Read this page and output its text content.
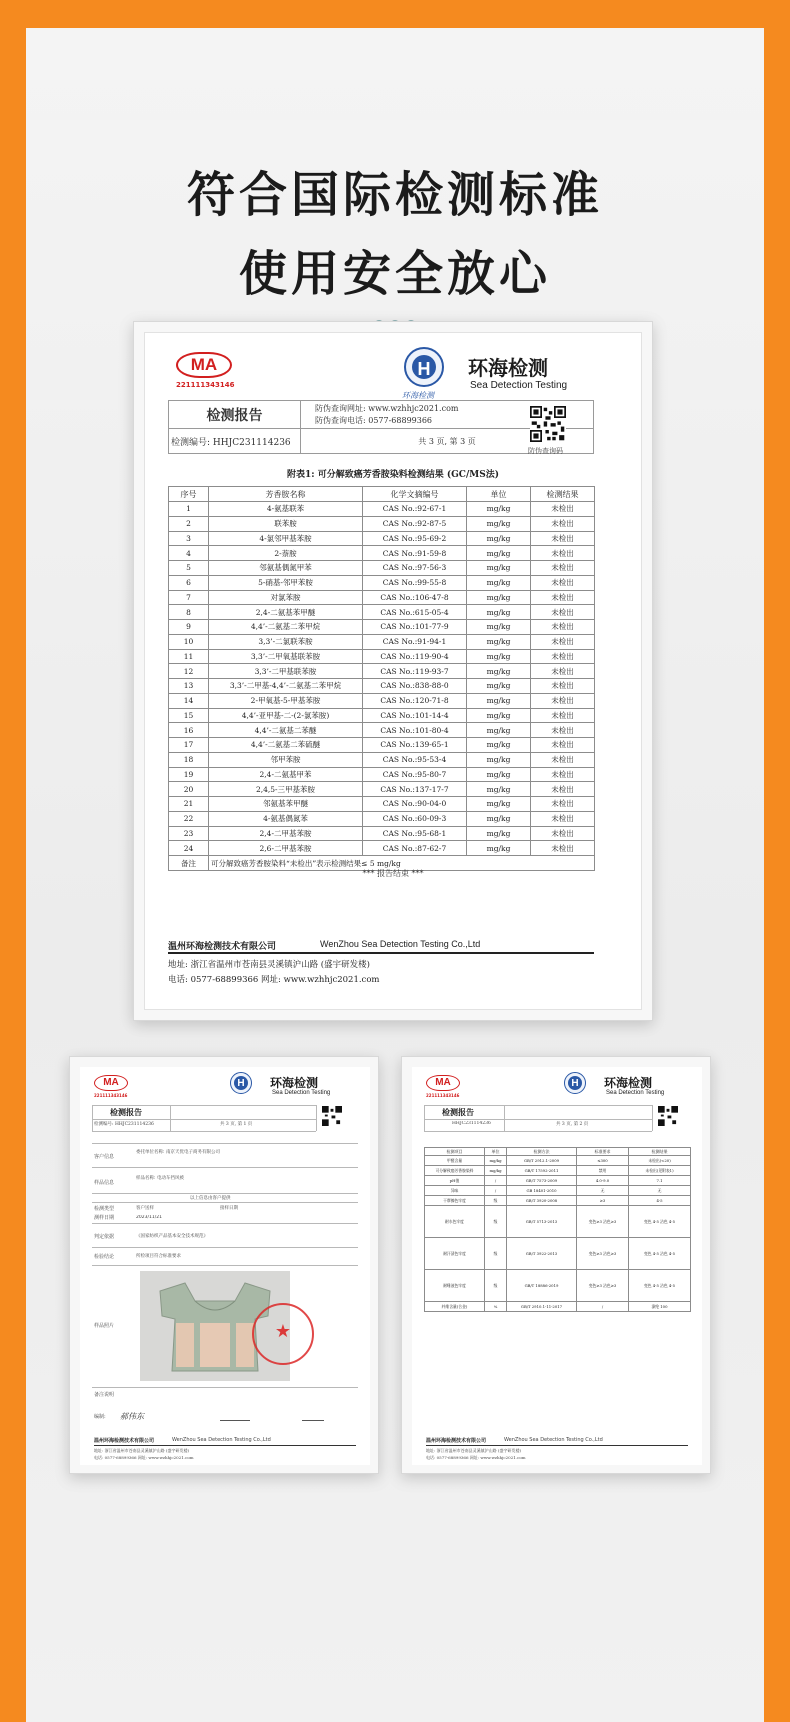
符合国际检测标准
使用安全放心
MA
221111343146
H
环海检测
环海检测
Sea Detection Testing
检测报告	防伪查询网址: www.wzhhjc2021.com
防伪查询电话: 0577-68899366

检测编号: HHJC231114236	共 3 页, 第 3 页
防伪查询码
附表1: 可分解致癌芳香胺染料检测结果 (GC/MS法)
序号	芳香胺名称	化学文摘编号	单位	检测结果
1	4-氨基联苯	CAS No.:92-67-1	mg/kg	未检出
2	联苯胺	CAS No.:92-87-5	mg/kg	未检出
3	4-氯邻甲基苯胺	CAS No.:95-69-2	mg/kg	未检出
4	2-萘胺	CAS No.:91-59-8	mg/kg	未检出
5	邻氨基偶氮甲苯	CAS No.:97-56-3	mg/kg	未检出
6	5-硝基-邻甲苯胺	CAS No.:99-55-8	mg/kg	未检出
7	对氯苯胺	CAS No.:106-47-8	mg/kg	未检出
8	2,4-二氨基苯甲醚	CAS No.:615-05-4	mg/kg	未检出
9	4,4’-二氨基二苯甲烷	CAS No.:101-77-9	mg/kg	未检出
10	3,3’-二氯联苯胺	CAS No.:91-94-1	mg/kg	未检出
11	3,3’-二甲氧基联苯胺	CAS No.:119-90-4	mg/kg	未检出
12	3,3’-二甲基联苯胺	CAS No.:119-93-7	mg/kg	未检出
13	3,3’-二甲基-4,4’-二氨基二苯甲烷	CAS No.:838-88-0	mg/kg	未检出
14	2-甲氧基-5-甲基苯胺	CAS No.:120-71-8	mg/kg	未检出
15	4,4’-亚甲基-二-(2-氯苯胺)	CAS No.:101-14-4	mg/kg	未检出
16	4,4’-二氨基二苯醚	CAS No.:101-80-4	mg/kg	未检出
17	4,4’-二氨基二苯硫醚	CAS No.:139-65-1	mg/kg	未检出
18	邻甲苯胺	CAS No.:95-53-4	mg/kg	未检出
19	2,4-二氨基甲苯	CAS No.:95-80-7	mg/kg	未检出
20	2,4,5-三甲基苯胺	CAS No.:137-17-7	mg/kg	未检出
21	邻氨基苯甲醚	CAS No.:90-04-0	mg/kg	未检出
22	4-氨基偶氮苯	CAS No.:60-09-3	mg/kg	未检出
23	2,4-二甲基苯胺	CAS No.:95-68-1	mg/kg	未检出
24	2,6-二甲基苯胺	CAS No.:87-62-7	mg/kg	未检出
备注	可分解致癌芳香胺染料“未检出”表示检测结果≤ 5 mg/kg			
*** 报告结束 ***
温州环海检测技术有限公司	WenZhou Sea Detection Testing Co.,Ltd
地址: 浙江省温州市苍南县灵溪镇沪山路 (盛宇研发楼)
电话: 0577-68899366 网址: www.wzhhjc2021.com
MA
221111343146
H	环海检测
Sea Detection Testing
检测报告
检测编号: HHJC231114236	共 3 页, 第 1 页
客户信息
委托单位名称: 南京天优电子商务有限公司
样品信息
样品名称: 电动车挡风被
以上信息由客户提供
检测类型	客户送样	接样日期
2023/11/21
测样日期
判定依据	《国家纺织产品基本安全技术规范》
检验结论	所检项目符合标准要求
样品照片	★
备注说明
编制: 郝伟东
温州环海检测技术有限公司	WenZhou Sea Detection Testing Co.,Ltd
地址: 浙江省温州市苍南县灵溪镇沪山路 (盛宇研发楼)
电话: 0577-68899366 网址: www.wzhhjc2021.com
MA
221111343146
H	环海检测
Sea Detection Testing
检测报告
HHJC231114236	共 3 页, 第 2 页
检测项目	单位	检测方法	标准要求	检测结果
甲醛含量	mg/kg	GB/T 2912.1-2009	≤300	未检出(<20)
可分解致癌芳香胺染料	mg/kg	GB/T 17592-2011	禁用	未检出(见附表1)
pH值	/	GB/T 7573-2009	4.0-9.0	7.1
异味	/	GB 18401-2010	无	无
干摩擦色牢度	级	GB/T 3920-2008	≥3	4-5
耐水色牢度	级	GB/T 5713-2013	变色≥3 沾色≥3	变色 4-5 沾色 4-5
耐汗渍色牢度	级	GB/T 3922-2013	变色≥3 沾色≥3	变色 4-5 沾色 4-5
耐唾液色牢度	级	GB/T 18886-2019	变色≥3 沾色≥3	变色 4-5 沾色 4-5
纤维含量(合金)	%	GB/T 2910.1-11-2017	/	涤纶 100
温州环海检测技术有限公司	WenZhou Sea Detection Testing Co.,Ltd
地址: 浙江省温州市苍南县灵溪镇沪山路 (盛宇研发楼)
电话: 0577-68899366 网址: www.wzhhjc2021.com
